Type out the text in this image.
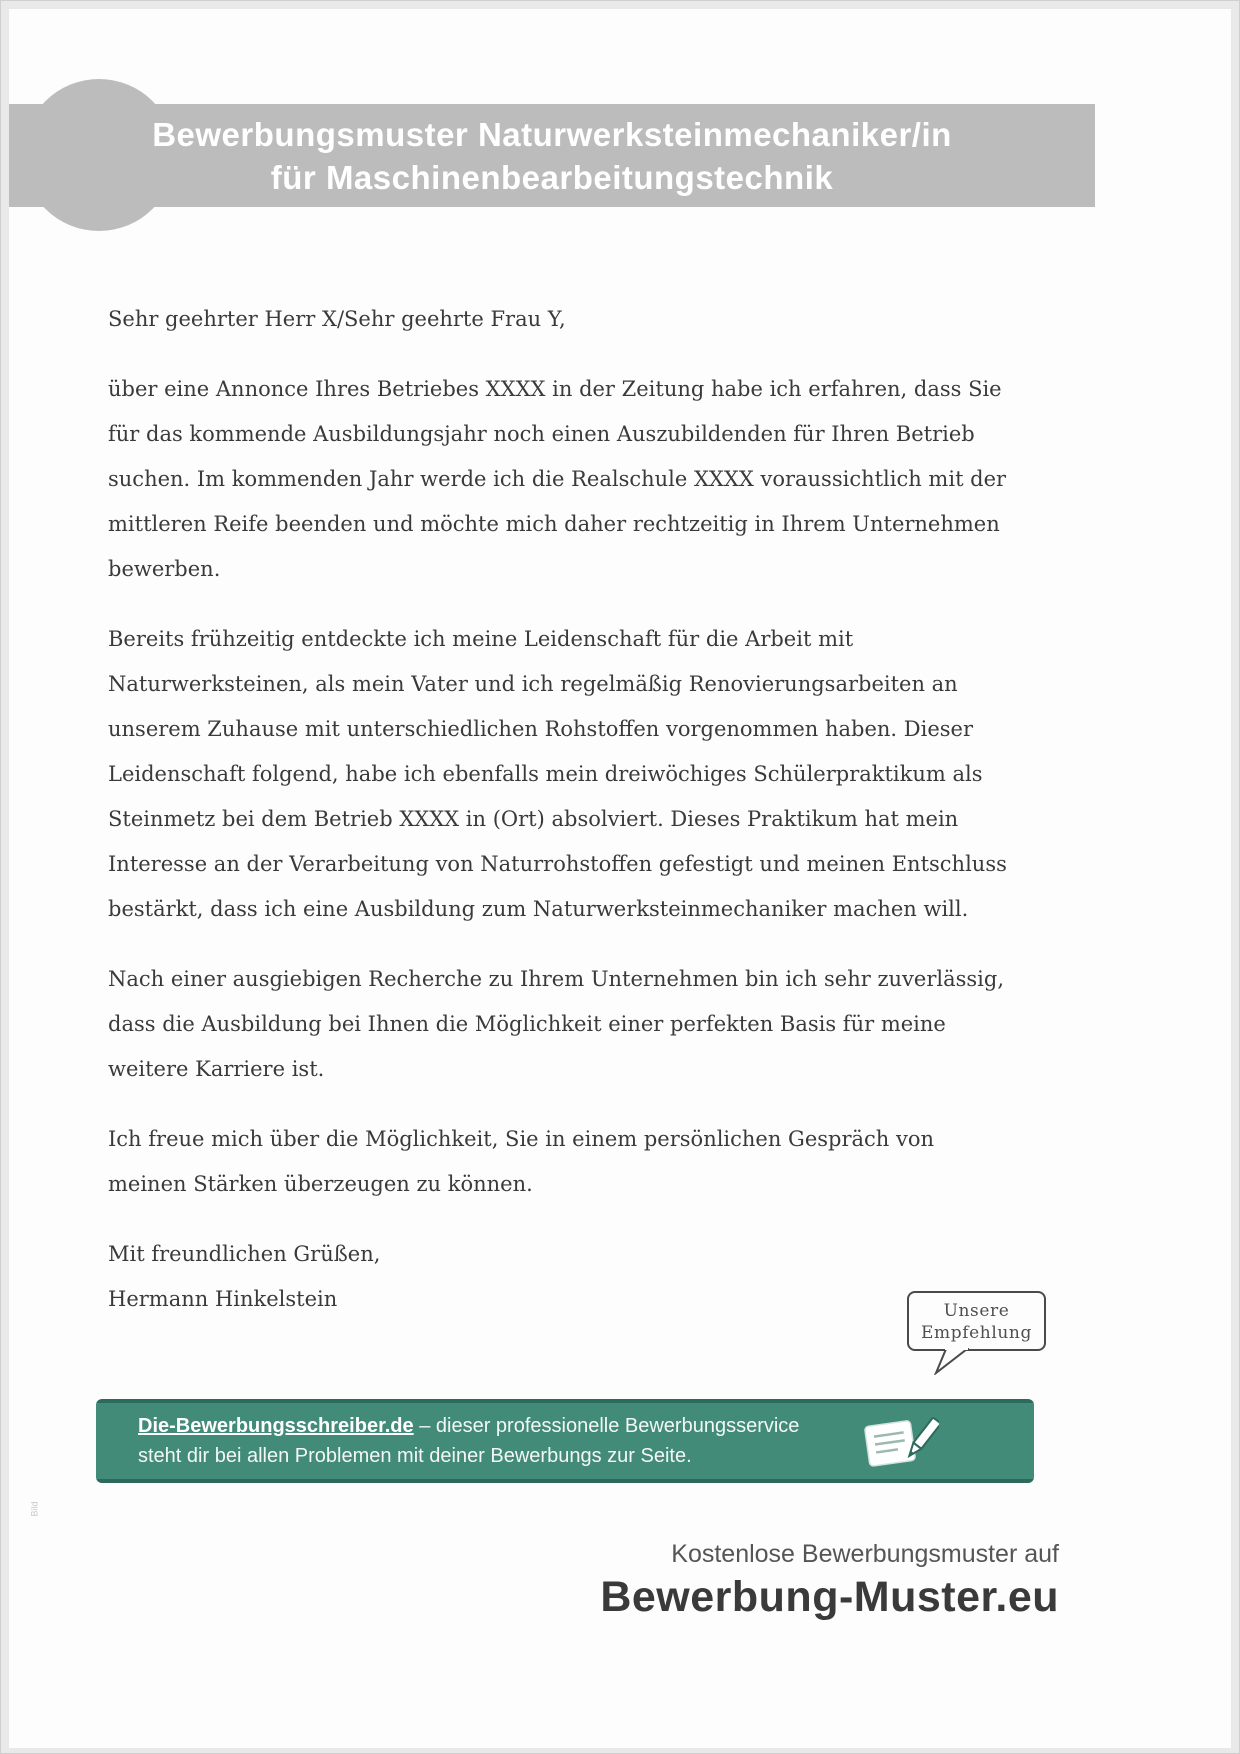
Bewerbungsmuster Naturwerksteinmechaniker/in
für Maschinenbearbeitungstechnik

Sehr geehrter Herr X/Sehr geehrte Frau Y,

über eine Annonce Ihres Betriebes XXXX in der Zeitung habe ich erfahren, dass Sie für das kommende Ausbildungsjahr noch einen Auszubildenden für Ihren Betrieb suchen. Im kommenden Jahr werde ich die Realschule XXXX voraussichtlich mit der mittleren Reife beenden und möchte mich daher rechtzeitig in Ihrem Unternehmen bewerben.

Bereits frühzeitig entdeckte ich meine Leidenschaft für die Arbeit mit Naturwerksteinen, als mein Vater und ich regelmäßig Renovierungsarbeiten an unserem Zuhause mit unterschiedlichen Rohstoffen vorgenommen haben. Dieser Leidenschaft folgend, habe ich ebenfalls mein dreiwöchiges Schülerpraktikum als Steinmetz bei dem Betrieb XXXX in (Ort) absolviert. Dieses Praktikum hat mein Interesse an der Verarbeitung von Naturrohstoffen gefestigt und meinen Entschluss bestärkt, dass ich eine Ausbildung zum Naturwerksteinmechaniker machen will.

Nach einer ausgiebigen Recherche zu Ihrem Unternehmen bin ich sehr zuverlässig, dass die Ausbildung bei Ihnen die Möglichkeit einer perfekten Basis für meine weitere Karriere ist.

Ich freue mich über die Möglichkeit, Sie in einem persönlichen Gespräch von meinen Stärken überzeugen zu können.

Mit freundlichen Grüßen,

Hermann Hinkelstein	Unsere
Empfehlung
Die-Bewerbungsschreiber.de – dieser professionelle Bewerbungsservice
steht dir bei allen Problemen mit deiner Bewerbungs zur Seite.
Kostenlose Bewerbungsmuster auf
Bewerbung-Muster.eu
Bild
